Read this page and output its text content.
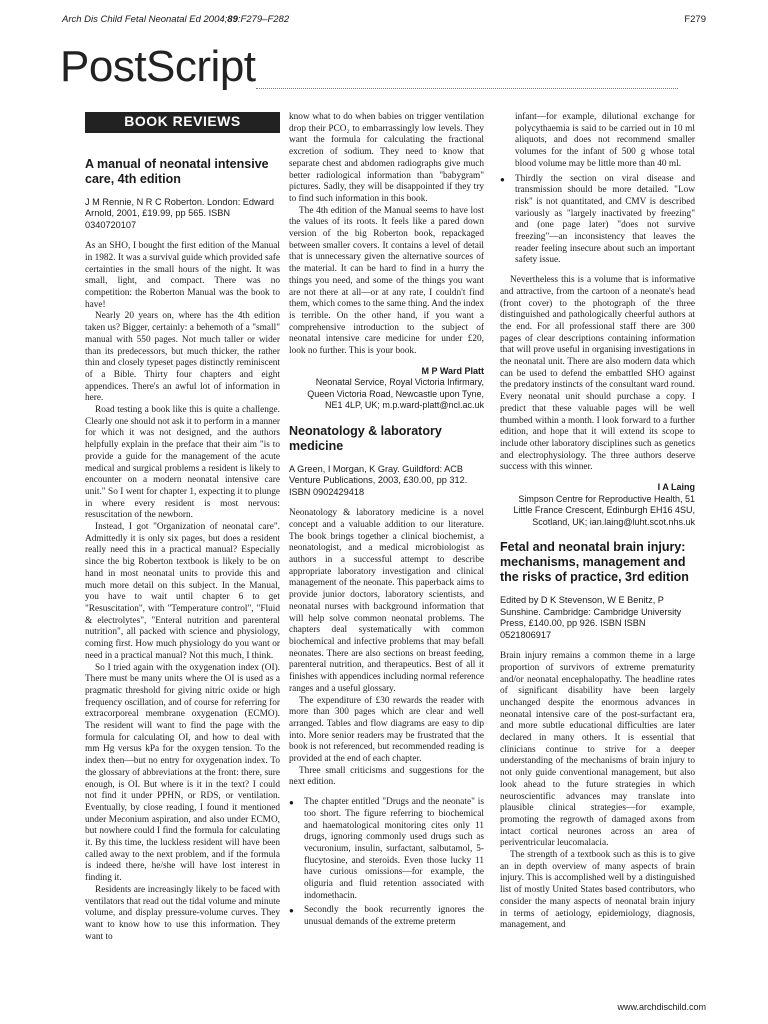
Arch Dis Child Fetal Neonatal Ed 2004;89:F279–F282	F279
PostScript
BOOK REVIEWS
A manual of neonatal intensive care, 4th edition
J M Rennie, N R C Roberton. London: Edward Arnold, 2001, £19.99, pp 565. ISBN 0340720107

As an SHO, I bought the first edition of the Manual in 1982. It was a survival guide which provided safe certainties in the small hours of the night. It was small, light, and compact. There was no competition: the Roberton Manual was the book to have!

Nearly 20 years on, where has the 4th edition taken us? Bigger, certainly: a behemoth of a "small" manual with 550 pages. Not much taller or wider than its predecessors, but much thicker, the rather thin and closely typeset pages distinctly reminiscent of a Bible. Thirty four chapters and eight appendices. There's an awful lot of information in here.

Road testing a book like this is quite a challenge. Clearly one should not ask it to perform in a manner for which it was not designed, and the authors helpfully explain in the preface that their aim "is to provide a guide for the management of the acute medical and surgical problems a resident is likely to encounter on a modern neonatal intensive care unit." So I went for chapter 1, expecting it to plunge in where every resident is most nervous: resuscitation of the newborn.

Instead, I got "Organization of neonatal care". Admittedly it is only six pages, but does a resident really need this in a practical manual? Especially since the big Roberton textbook is likely to be on hand in most neonatal units to provide this and much more detail on this subject. In the Manual, you have to wait until chapter 6 to get "Resuscitation", with "Temperature control", "Fluid & electrolytes", "Enteral nutrition and parenteral nutrition", all packed with science and physiology, coming first. How much physiology do you want or need in a practical manual? Not this much, I think.

So I tried again with the oxygenation index (OI). There must be many units where the OI is used as a pragmatic threshold for giving nitric oxide or high frequency oscillation, and of course for referring for extracorporeal membrane oxygenation (ECMO). The resident will want to find the page with the formula for calculating OI, and how to deal with mm Hg versus kPa for the oxygen tension. To the index then—but no entry for oxygenation index. To the glossary of abbreviations at the front: there, sure enough, is OI. But where is it in the text? I could not find it under PPHN, or RDS, or ventilation. Eventually, by close reading, I found it mentioned under Meconium aspiration, and also under ECMO, but nowhere could I find the formula for calculating it. By this time, the luckless resident will have been called away to the next problem, and if the formula is indeed there, he/she will have lost interest in finding it.

Residents are increasingly likely to be faced with ventilators that read out the tidal volume and minute volume, and display pressure-volume curves. They want to know how to use this information. They want to

know what to do when babies on trigger ventilation drop their PCO₂ to embarrassingly low levels. They want the formula for calculating the fractional excretion of sodium. They need to know that separate chest and abdomen radiographs give much better radiological information than "babygram" pictures. Sadly, they will be disappointed if they try to find such information in this book.

The 4th edition of the Manual seems to have lost the values of its roots. It feels like a pared down version of the big Roberton book, repackaged between smaller covers. It contains a level of detail that is unnecessary given the alternative sources of the material. It can be hard to find in a hurry the things you need, and some of the things you want are not there at all—or at any rate, I couldn't find them, which comes to the same thing. And the index is terrible. On the other hand, if you want a comprehensive introduction to the subject of neonatal intensive care medicine for under £20, look no further. This is your book.

M P Ward Platt
Neonatal Service, Royal Victoria Infirmary,
Queen Victoria Road, Newcastle upon Tyne,
NE1 4LP, UK; m.p.ward-platt@ncl.ac.uk
Neonatology & laboratory medicine
A Green, I Morgan, K Gray. Guildford: ACB Venture Publications, 2003, £30.00, pp 312. ISBN 0902429418

Neonatology & laboratory medicine is a novel concept and a valuable addition to our literature. The book brings together a clinical biochemist, a neonatologist, and a medical microbiologist as authors in a successful attempt to describe appropriate laboratory investigation and clinical management of the neonate. This paperback aims to provide junior doctors, laboratory scientists, and neonatal nurses with background information that will help solve common neonatal problems. The chapters deal systematically with common biochemical and infective problems that may befall neonates. There are also sections on breast feeding, parenteral nutrition, and therapeutics. Best of all it finishes with appendices including normal reference ranges and a useful glossary.

The expenditure of £30 rewards the reader with more than 300 pages which are clear and well arranged. Tables and flow diagrams are easy to dip into. More senior readers may be frustrated that the book is not referenced, but recommended reading is provided at the end of each chapter.

Three small criticisms and suggestions for the next edition.

● The chapter entitled "Drugs and the neonate" is too short. The figure referring to biochemical and haematological monitoring cites only 11 drugs, ignoring commonly used drugs such as vecuronium, insulin, surfactant, salbutamol, 5-flucytosine, and steroids. Even those lucky 11 have curious omissions—for example, the oliguria and fluid retention associated with indomethacin.
● Secondly the book recurrently ignores the unusual demands of the extreme preterm
infant—for example, dilutional exchange for polycythaemia is said to be carried out in 10 ml aliquots, and does not recommend smaller volumes for the infant of 500 g whose total blood volume may be little more than 40 ml.
● Thirdly the section on viral disease and transmission should be more detailed. "Low risk" is not quantitated, and CMV is described variously as "largely inactivated by freezing" and (one page later) "does not survive freezing"—an inconsistency that leaves the reader feeling insecure about such an important safety issue.

Nevertheless this is a volume that is informative and attractive, from the cartoon of a neonate's head (front cover) to the photograph of the three distinguished and pathologically cheerful authors at the end. For all professional staff there are 300 pages of clear descriptions containing information that will prove useful in organising investigations in the neonatal unit. There are also modern data which can be used to defend the embattled SHO against the predatory instincts of the consultant ward round. Every neonatal unit should purchase a copy. I predict that these valuable pages will be well thumbed within a month. I look forward to a further edition, and hope that it will extend its scope to include other laboratory disciplines such as genetics and electrophysiology. The three authors deserve success with this winner.

I A Laing
Simpson Centre for Reproductive Health, 51
Little France Crescent, Edinburgh EH16 4SU,
Scotland, UK; ian.laing@luht.scot.nhs.uk
Fetal and neonatal brain injury: mechanisms, management and the risks of practice, 3rd edition
Edited by D K Stevenson, W E Benitz, P Sunshine. Cambridge: Cambridge University Press, £140.00, pp 926. ISBN ISBN 0521806917

Brain injury remains a common theme in a large proportion of survivors of extreme prematurity and/or neonatal encephalopathy. The headline rates of significant disability have been largely unchanged despite the enormous advances in neonatal intensive care of the post-surfactant era, and more subtle educational difficulties are later declared in many others. It is essential that clinicians continue to strive for a deeper understanding of the mechanisms of brain injury to not only guide conventional management, but also look ahead to the future strategies in which neuroscientific advances may translate into plausible clinical strategies—for example, promoting the regrowth of damaged axons from intact cortical neurones across an area of periventricular leucomalacia.

The strength of a textbook such as this is to give an in depth overview of many aspects of brain injury. This is accomplished well by a distinguished list of mostly United States based contributors, who consider the many aspects of neonatal brain injury in terms of aetiology, epidemiology, diagnosis, management, and

www.archdischild.com
